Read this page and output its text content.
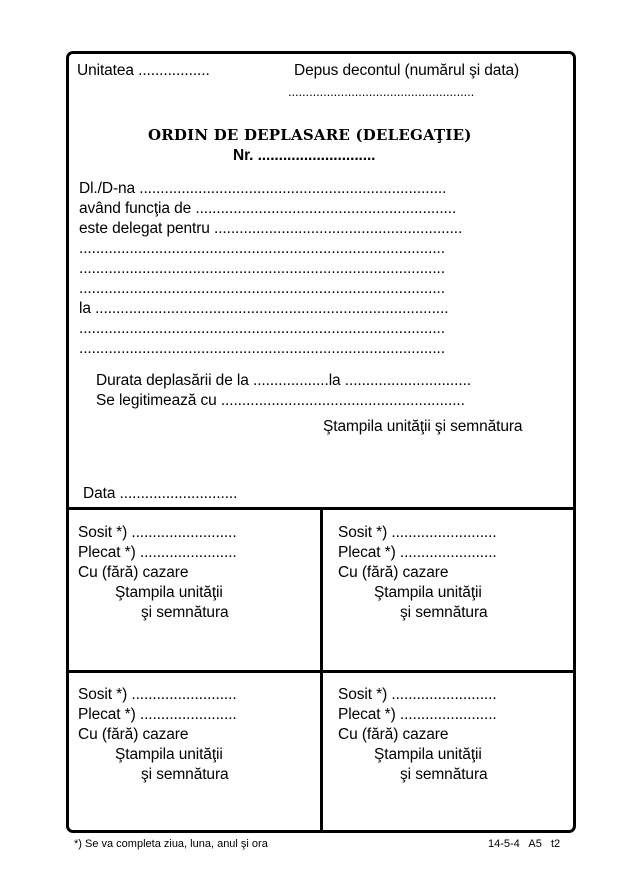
Unitatea .................	Depus decontul (numărul şi data)
.....................................................
ORDIN DE DEPLASARE (DELEGAŢIE)
Nr. ............................
Dl./D-na .........................................................................
având funcţia de ..............................................................
este delegat pentru ...........................................................
.......................................................................................
.......................................................................................
.......................................................................................
la ....................................................................................
.......................................................................................
.......................................................................................
Durata deplasării de la ..................la ..............................
Se legitimează cu ..........................................................
Ştampila unităţii şi semnătura
Data ............................
Sosit *) .........................
Plecat *) .......................
Cu (fără) cazare
Ştampila unităţii
şi semnătura
Sosit *) .........................
Plecat *) .......................
Cu (fără) cazare
Ştampila unităţii
şi semnătura
Sosit *) .........................
Plecat *) .......................
Cu (fără) cazare
Ştampila unităţii
şi semnătura
Sosit *) .........................
Plecat *) .......................
Cu (fără) cazare
Ştampila unităţii
şi semnătura
*) Se va completa ziua, luna, anul şi ora	14-5-4   A5   t2
